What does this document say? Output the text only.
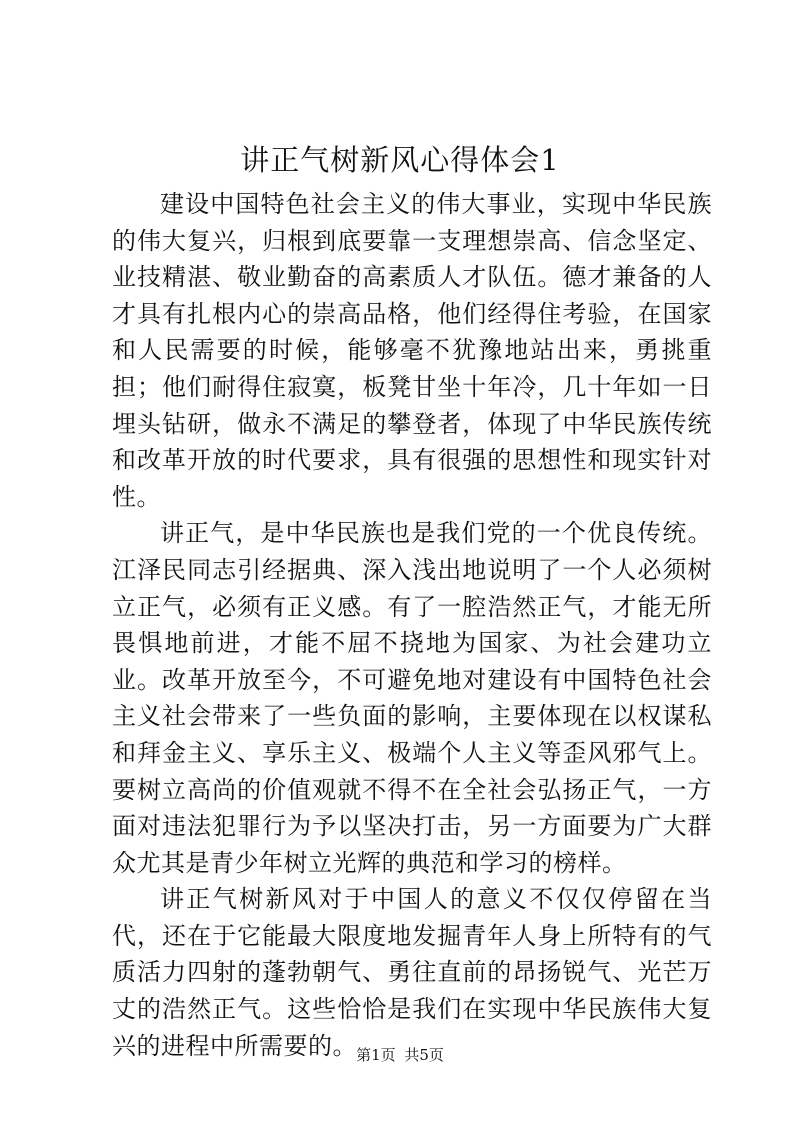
讲正气树新风心得体会1

建设中国特色社会主义的伟大事业，实现中华民族的伟大复兴，归根到底要靠一支理想崇高、信念坚定、业技精湛、敬业勤奋的高素质人才队伍。德才兼备的人才具有扎根内心的崇高品格，他们经得住考验，在国家和人民需要的时候，能够毫不犹豫地站出来，勇挑重担；他们耐得住寂寞，板凳甘坐十年冷，几十年如一日埋头钻研，做永不满足的攀登者，体现了中华民族传统和改革开放的时代要求，具有很强的思想性和现实针对性。

讲正气，是中华民族也是我们党的一个优良传统。江泽民同志引经据典、深入浅出地说明了一个人必须树立正气，必须有正义感。有了一腔浩然正气，才能无所畏惧地前进，才能不屈不挠地为国家、为社会建功立业。改革开放至今，不可避免地对建设有中国特色社会主义社会带来了一些负面的影响，主要体现在以权谋私和拜金主义、享乐主义、极端个人主义等歪风邪气上。要树立高尚的价值观就不得不在全社会弘扬正气，一方面对违法犯罪行为予以坚决打击，另一方面要为广大群众尤其是青少年树立光辉的典范和学习的榜样。

讲正气树新风对于中国人的意义不仅仅停留在当代，还在于它能最大限度地发掘青年人身上所特有的气质活力四射的蓬勃朝气、勇往直前的昂扬锐气、光芒万丈的浩然正气。这些恰恰是我们在实现中华民族伟大复兴的进程中所需要的。 第1页 共5页
